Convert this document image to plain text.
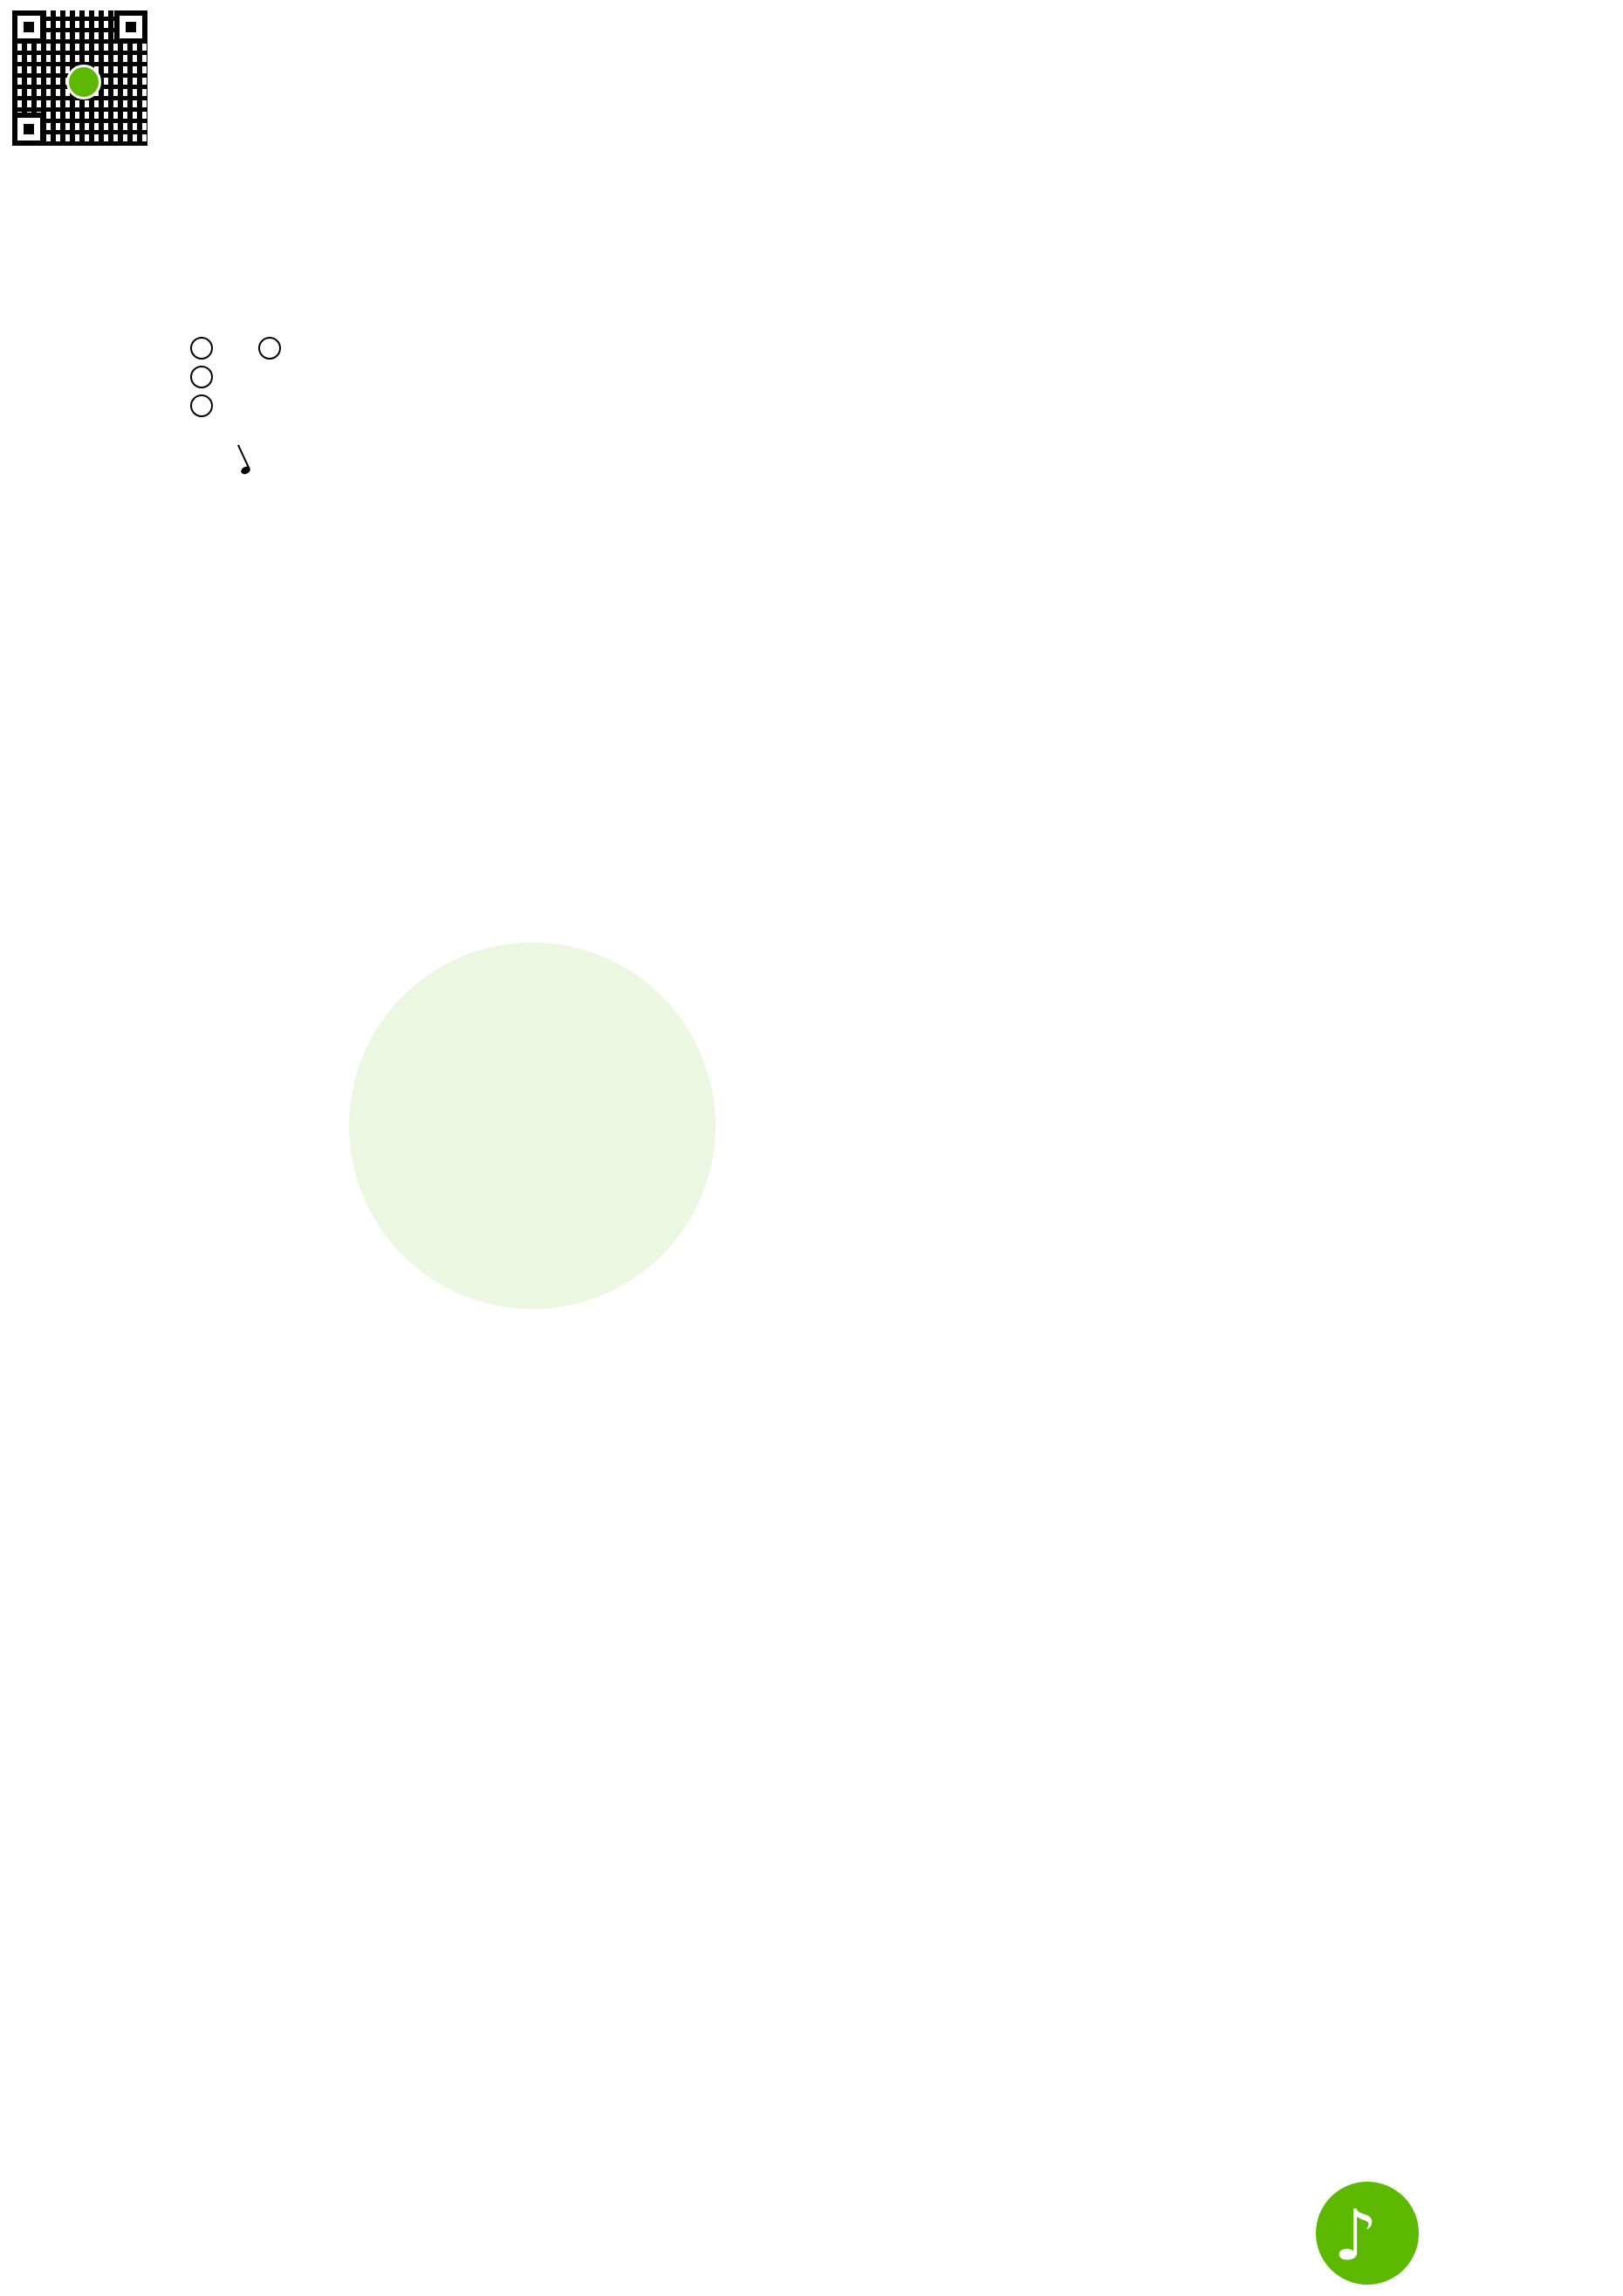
♪
